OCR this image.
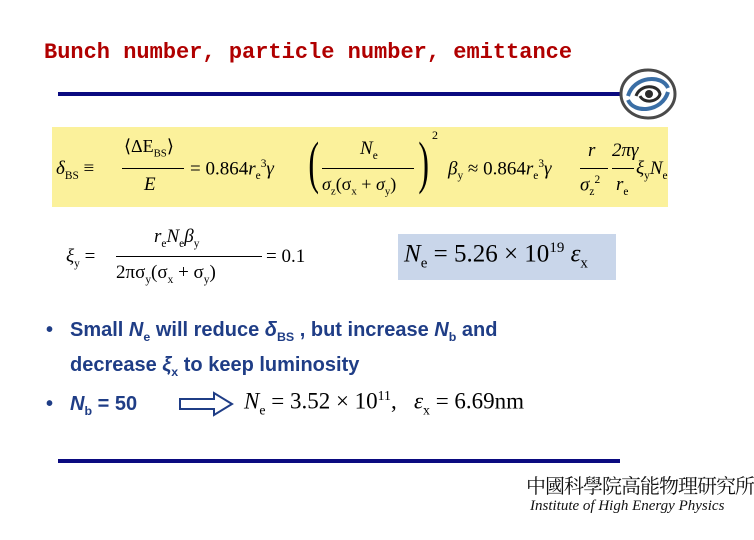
Bunch number, particle number, emittance
$\delta_{BS}$ ≡
$⟨\Delta E_{BS}⟩$
E
= $0.864r_e^3\gamma$ ( $N_e$
$\sigma_z(\sigma_x + \sigma_y)$ ) 2
$\beta_y \approx 0.864r_e^3\gamma$
r
$\sigma_z^2$
2πγ
$r_e$
$\xi_yN_e$
$\xi_y$ =
$r_eN_e\beta_y$
$2\pi\sigma_y(\sigma_x + \sigma_y)$
= 0.1	$N_e = 5.26 \times 10^{19}$ $\varepsilon_x$
• Small $N_e$ will reduce $\delta_{BS}$ , but increase $N_b$ and
decrease $\xi_x$ to keep luminosity
• $N_b = 50$	$N_e = 3.52 \times 10^{11}$, $\varepsilon_x = 6.69nm$
中國科學院高能物理研究所
Institute of High Energy Physics
